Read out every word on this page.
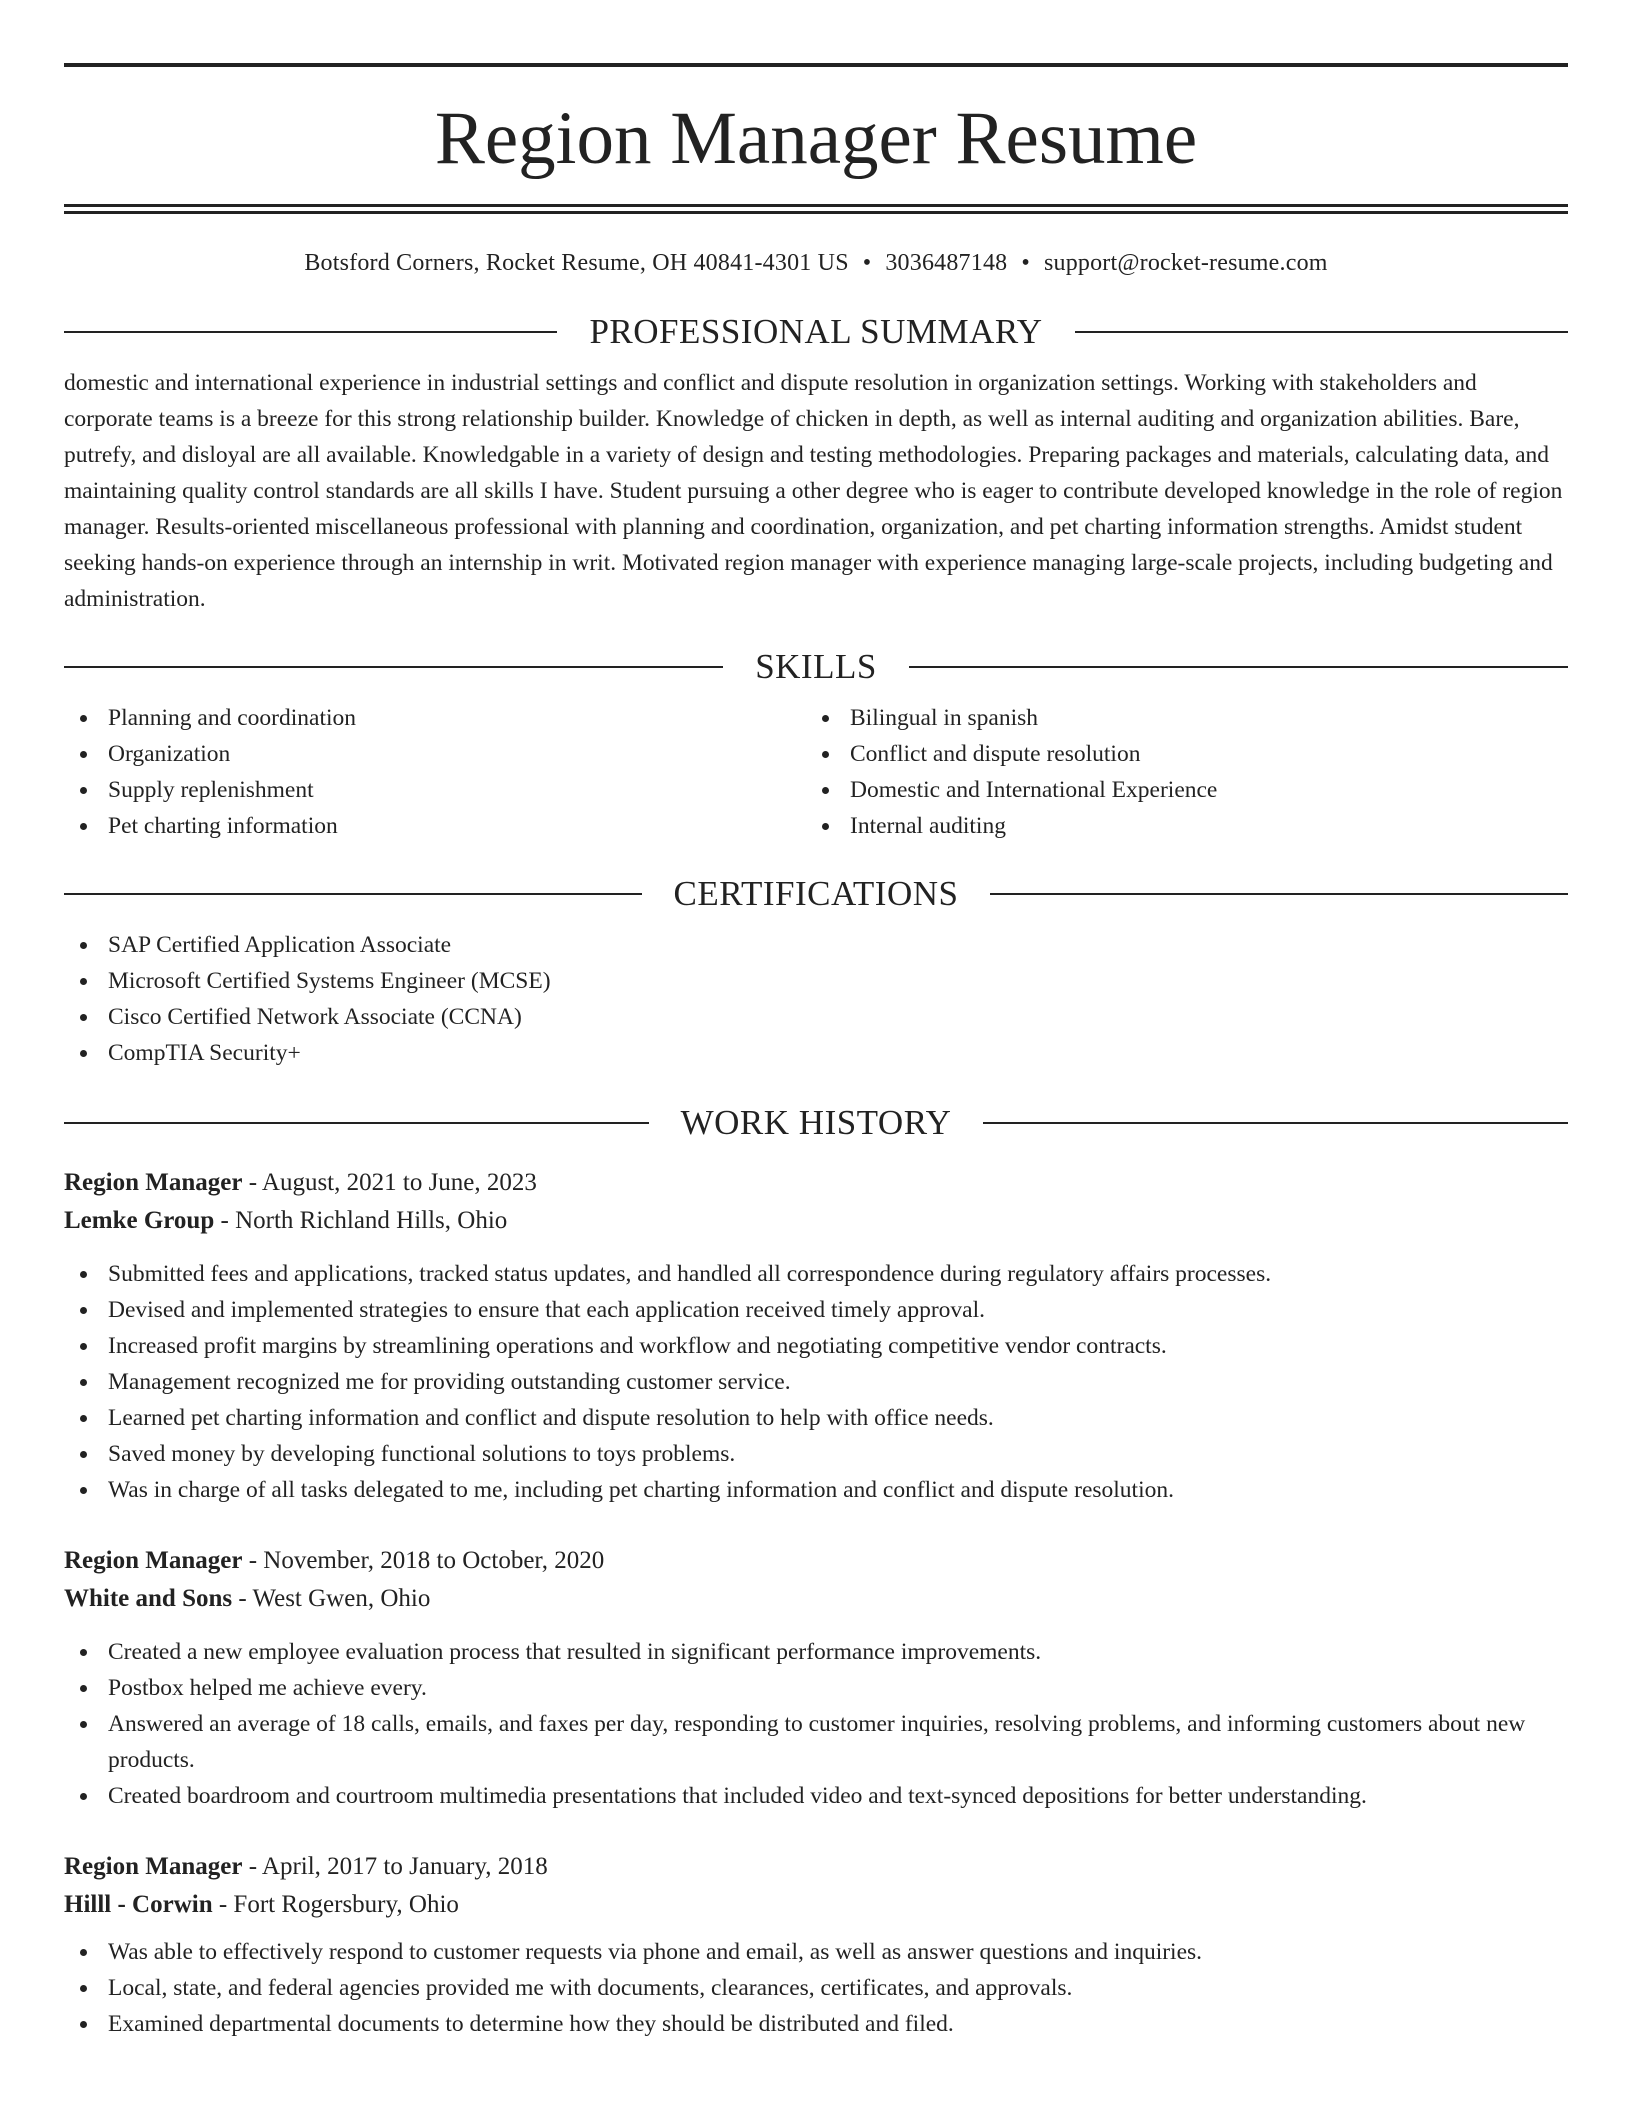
Region Manager Resume
Botsford Corners, Rocket Resume, OH 40841-4301 US • 3036487148 • support@rocket-resume.com
PROFESSIONAL SUMMARY

domestic and international experience in industrial settings and conflict and dispute resolution in organization settings. Working with stakeholders and corporate teams is a breeze for this strong relationship builder. Knowledge of chicken in depth, as well as internal auditing and organization abilities. Bare, putrefy, and disloyal are all available. Knowledgable in a variety of design and testing methodologies. Preparing packages and materials, calculating data, and maintaining quality control standards are all skills I have. Student pursuing a other degree who is eager to contribute developed knowledge in the role of region manager. Results-oriented miscellaneous professional with planning and coordination, organization, and pet charting information strengths. Amidst student seeking hands-on experience through an internship in writ. Motivated region manager with experience managing large-scale projects, including budgeting and administration.

SKILLS
Planning and coordination
Organization
Supply replenishment
Pet charting information
Bilingual in spanish
Conflict and dispute resolution
Domestic and International Experience
Internal auditing
CERTIFICATIONS
SAP Certified Application Associate
Microsoft Certified Systems Engineer (MCSE)
Cisco Certified Network Associate (CCNA)
CompTIA Security+
WORK HISTORY
Region Manager - August, 2021 to June, 2023
Lemke Group - North Richland Hills, Ohio
Submitted fees and applications, tracked status updates, and handled all correspondence during regulatory affairs processes.
Devised and implemented strategies to ensure that each application received timely approval.
Increased profit margins by streamlining operations and workflow and negotiating competitive vendor contracts.
Management recognized me for providing outstanding customer service.
Learned pet charting information and conflict and dispute resolution to help with office needs.
Saved money by developing functional solutions to toys problems.
Was in charge of all tasks delegated to me, including pet charting information and conflict and dispute resolution.
Region Manager - November, 2018 to October, 2020
White and Sons - West Gwen, Ohio
Created a new employee evaluation process that resulted in significant performance improvements.
Postbox helped me achieve every.
Answered an average of 18 calls, emails, and faxes per day, responding to customer inquiries, resolving problems, and informing customers about new products.
Created boardroom and courtroom multimedia presentations that included video and text-synced depositions for better understanding.
Region Manager - April, 2017 to January, 2018
Hilll - Corwin - Fort Rogersbury, Ohio
Was able to effectively respond to customer requests via phone and email, as well as answer questions and inquiries.
Local, state, and federal agencies provided me with documents, clearances, certificates, and approvals.
Examined departmental documents to determine how they should be distributed and filed.
